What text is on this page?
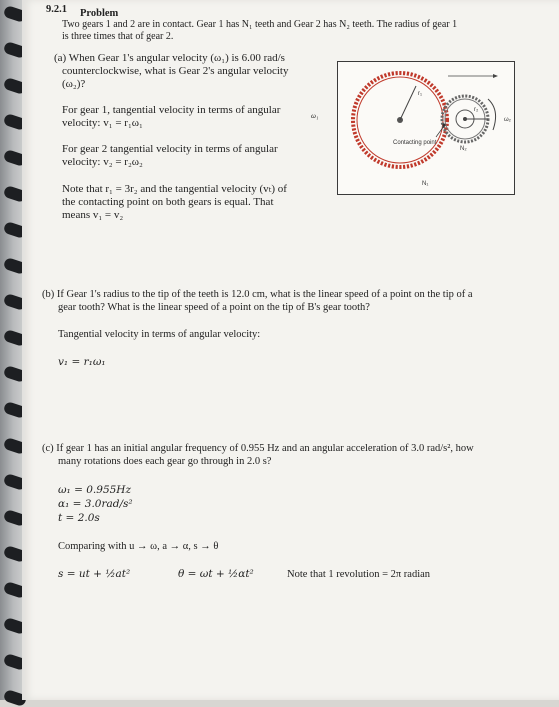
9.2.1 Problem
Two gears 1 and 2 are in contact. Gear 1 has N₁ teeth and Gear 2 has N₂ teeth. The radius of gear 1
is three times that of gear 2.
(a) When Gear 1's angular velocity (ω₁) is 6.00 rad/s
counterclockwise, what is Gear 2's angular velocity
(ω₂)?
For gear 1, tangential velocity in terms of angular
velocity: v₁ = r₁ω₁
For gear 2 tangential velocity in terms of angular
velocity: v₂ = r₂ω₂
Note that r₁ = 3r₂ and the tangential velocity (vₜ) of
the contacting point on both gears is equal. That
means v₁ = v₂
ω₁
r₁
r₂
Contacting point
N₂
N₁
ω₂
(b) If Gear 1's radius to the tip of the teeth is 12.0 cm, what is the linear speed of a point on the tip of a
gear tooth? What is the linear speed of a point on the tip of B's gear tooth?
Tangential velocity in terms of angular velocity:
v₁ = r₁ω₁
(c) If gear 1 has an initial angular frequency of 0.955 Hz and an angular acceleration of 3.0 rad/s², how
many rotations does each gear go through in 2.0 s?
ω₁ = 0.955Hz
α₁ = 3.0rad/s²
t = 2.0s
Comparing with u → ω, a → α, s → θ
s = ut + ½at²	θ = ωt + ½αt²	Note that 1 revolution = 2π radian
